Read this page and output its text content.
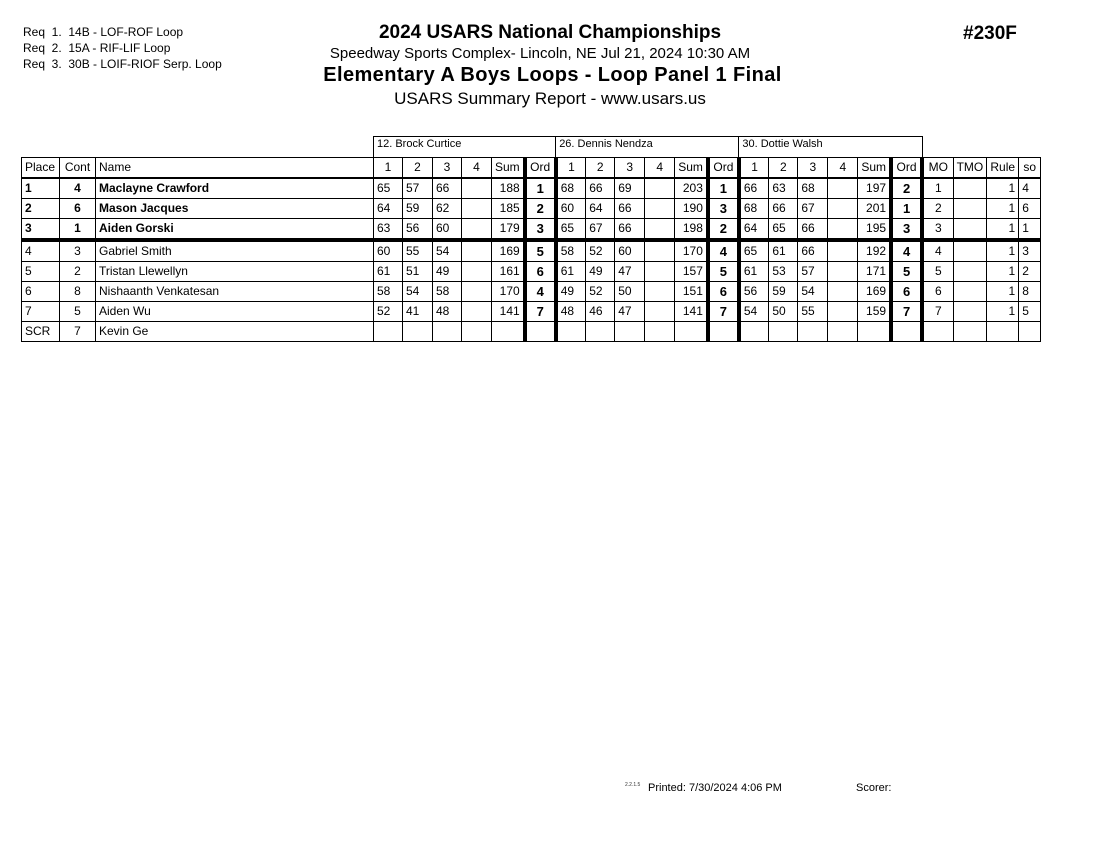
Req  1.  14B - LOF-ROF Loop
Req  2.  15A - RIF-LIF Loop
Req  3.  30B - LOIF-RIOF Serp. Loop
2024 USARS National Championships
Speedway Sports Complex- Lincoln, NE Jul 21, 2024 10:30 AM
Elementary A Boys Loops - Loop Panel 1 Final
USARS Summary Report - www.usars.us
#230F
			12. Brock Curtice						26. Dennis Nendza						30. Dottie Walsh									
Place	Cont	Name	1	2	3	4	Sum	Ord	1	2	3	4	Sum	Ord	1	2	3	4	Sum	Ord	MO	TMO	Rule	so
1	4	Maclayne Crawford	65	57	66		188	1	68	66	69		203	1	66	63	68		197	2	1		1	4
2	6	Mason Jacques	64	59	62		185	2	60	64	66		190	3	68	66	67		201	1	2		1	6
3	1	Aiden Gorski	63	56	60		179	3	65	67	66		198	2	64	65	66		195	3	3		1	1
4	3	Gabriel Smith	60	55	54		169	5	58	52	60		170	4	65	61	66		192	4	4		1	3
5	2	Tristan Llewellyn	61	51	49		161	6	61	49	47		157	5	61	53	57		171	5	5		1	2
6	8	Nishaanth Venkatesan	58	54	58		170	4	49	52	50		151	6	56	59	54		169	6	6		1	8
7	5	Aiden Wu	52	41	48		141	7	48	46	47		141	7	54	50	55		159	7	7		1	5
SCR	7	Kevin Ge																						
2.2.1.5 Printed: 7/30/2024 4:06 PM	Scorer:
